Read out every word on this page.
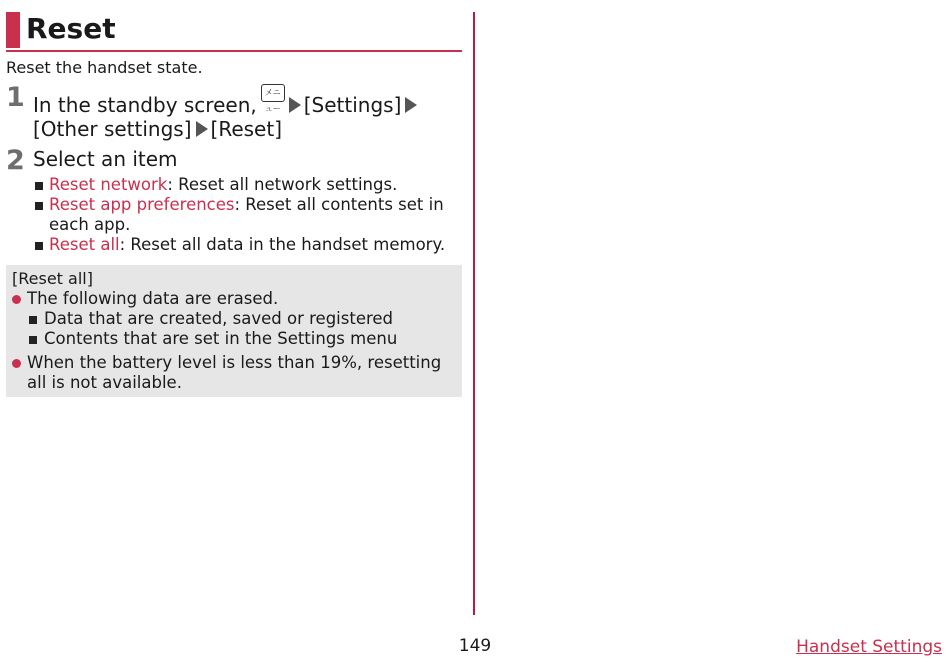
Reset
Reset the handset state.
1 In the standby screen,メニュー [Settings]
[Other settings] [Reset]
2 Select an item
Reset network: Reset all network settings.
Reset app preferences: Reset all contents set in each app.
Reset all: Reset all data in the handset memory.
[Reset all]
The following data are erased.
Data that are created, saved or registered
Contents that are set in the Settings menu
When the battery level is less than 19%, resetting all is not available.
149	Handset Settings
